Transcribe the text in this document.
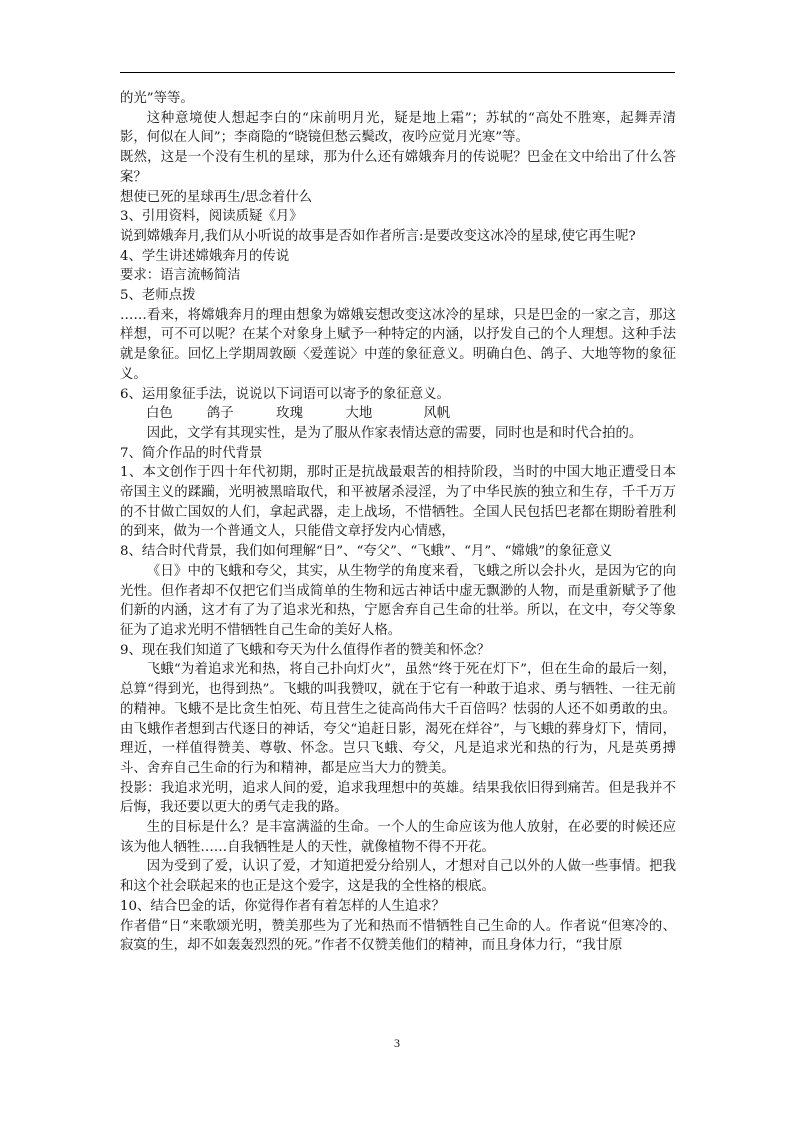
的光”等等。

这种意境使人想起李白的“床前明月光，疑是地上霜”；苏轼的“高处不胜寒，起舞弄清影，何似在人间”；李商隐的“晓镜但愁云鬓改，夜吟应觉月光寒”等。

既然，这是一个没有生机的星球，那为什么还有嫦娥奔月的传说呢？巴金在文中给出了什么答案？

想使已死的星球再生/思念着什么

3、引用资料，阅读质疑《月》

说到嫦娥奔月,我们从小听说的故事是否如作者所言:是要改变这冰冷的星球,使它再生呢?

4、学生讲述嫦娥奔月的传说

要求：语言流畅简洁

5、老师点拨

……看来，将嫦娥奔月的理由想象为嫦娥妄想改变这冰冷的星球，只是巴金的一家之言，那这样想，可不可以呢？在某个对象身上赋予一种特定的内涵，以抒发自己的个人理想。这种手法就是象征。回忆上学期周敦颐〈爱莲说〉中莲的象征意义。明确白色、鸽子、大地等物的象征义。

6、运用象征手法，说说以下词语可以寄予的象征意义。

白色        鸽子          玫瑰          大地            风帆

因此，文学有其现实性，是为了服从作家表情达意的需要，同时也是和时代合拍的。

7、简介作品的时代背景

1、本文创作于四十年代初期，那时正是抗战最艰苦的相持阶段，当时的中国大地正遭受日本帝国主义的蹂躏，光明被黑暗取代，和平被屠杀浸淫，为了中华民族的独立和生存，千千万万的不甘做亡国奴的人们，拿起武器，走上战场，不惜牺牲。全国人民包括巴老都在期盼着胜利的到来，做为一个普通文人，只能借文章抒发内心情感，

8、结合时代背景，我们如何理解“日”、“夸父”、“飞蛾”、“月”、“嫦娥”的象征意义

《日》中的飞蛾和夸父，其实，从生物学的角度来看，飞蛾之所以会扑火，是因为它的向光性。但作者却不仅把它们当成简单的生物和远古神话中虚无飘渺的人物，而是重新赋予了他们新的内涵，这才有了为了追求光和热，宁愿舍弃自己生命的壮举。所以，在文中，夸父等象征为了追求光明不惜牺牲自己生命的美好人格。

9、现在我们知道了飞蛾和夸天为什么值得作者的赞美和怀念？

飞蛾“为着追求光和热，将自己扑向灯火”，虽然“终于死在灯下”，但在生命的最后一刻，总算“得到光，也得到热”。飞蛾的叫我赞叹，就在于它有一种敢于追求、勇与牺牲、一往无前的精神。飞蛾不是比贪生怕死、苟且营生之徒高尚伟大千百倍吗？怯弱的人还不如勇敢的虫。由飞蛾作者想到古代逐日的神话，夸父“追赶日影，渴死在烊谷”，与飞蛾的葬身灯下，情同，理近，一样值得赞美、尊敬、怀念。岂只飞蛾、夸父，凡是追求光和热的行为，凡是英勇搏斗、舍弃自己生命的行为和精神，都是应当大力的赞美。

投影：我追求光明，追求人间的爱，追求我理想中的英雄。结果我依旧得到痛苦。但是我并不后悔，我还要以更大的勇气走我的路。

生的目标是什么？是丰富满溢的生命。一个人的生命应该为他人放射，在必要的时候还应该为他人牺牲……自我牺牲是人的天性，就像植物不得不开花。

因为受到了爱，认识了爱，才知道把爱分给别人，才想对自己以外的人做一些事情。把我和这个社会联起来的也正是这个爱字，这是我的全性格的根底。

10、结合巴金的话，你觉得作者有着怎样的人生追求？

作者借“日“来歌颂光明，赞美那些为了光和热而不惜牺牲自己生命的人。作者说“但寒冷的、寂寞的生，却不如轰轰烈烈的死。”作者不仅赞美他们的精神，而且身体力行，“我甘原

3
